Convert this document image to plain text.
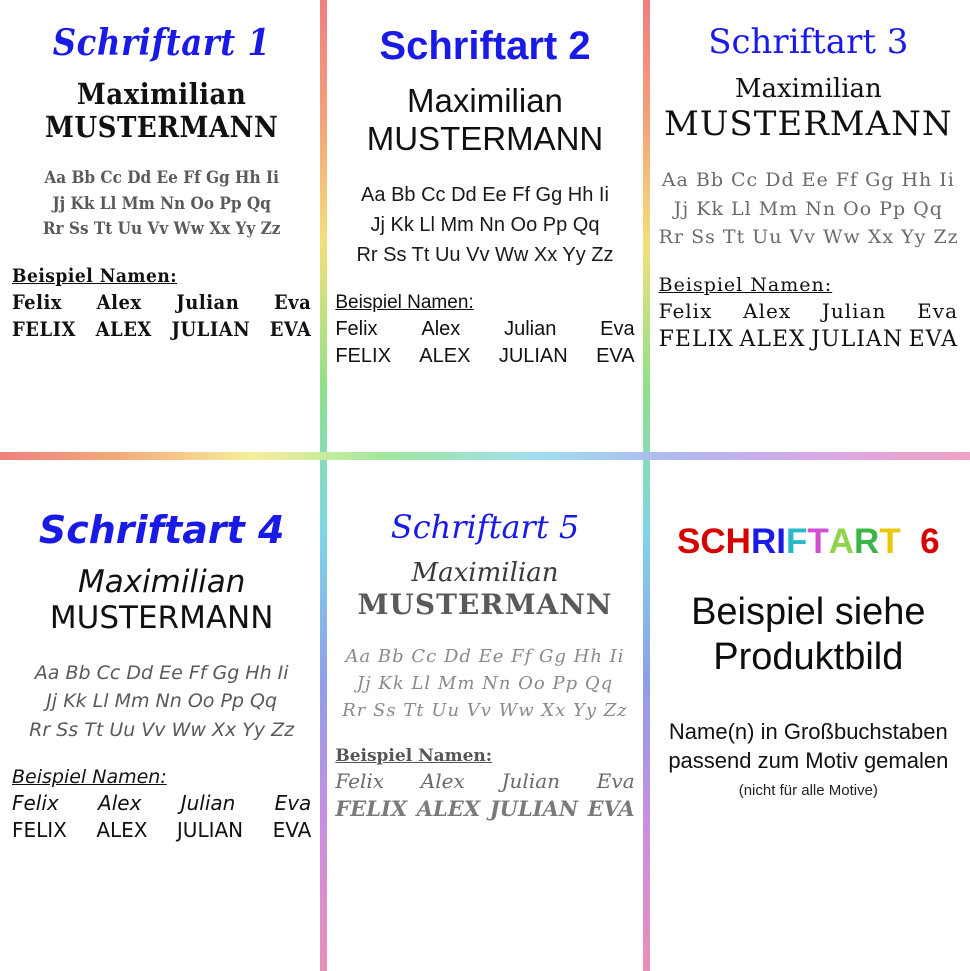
Schriftart 1
Maximilian
MUSTERMANN
Aa Bb Cc Dd Ee Ff Gg Hh Ii
Jj Kk Ll Mm Nn Oo Pp Qq
Rr Ss Tt Uu Vv Ww Xx Yy Zz
Beispiel Namen:
Felix Alex Julian Eva
FELIX ALEX JULIAN EVA
Schriftart 2
Maximilian
MUSTERMANN
Aa Bb Cc Dd Ee Ff Gg Hh Ii
Jj Kk Ll Mm Nn Oo Pp Qq
Rr Ss Tt Uu Vv Ww Xx Yy Zz
Beispiel Namen:
Felix Alex Julian Eva
FELIX ALEX JULIAN EVA
Schriftart 3
Maximilian
MUSTERMANN
Aa Bb Cc Dd Ee Ff Gg Hh Ii
Jj Kk Ll Mm Nn Oo Pp Qq
Rr Ss Tt Uu Vv Ww Xx Yy Zz
Beispiel Namen:
Felix Alex Julian Eva
FELIX ALEX JULIAN EVA
Schriftart 4
Maximilian
MUSTERMANN
Aa Bb Cc Dd Ee Ff Gg Hh Ii
Jj Kk Ll Mm Nn Oo Pp Qq
Rr Ss Tt Uu Vv Ww Xx Yy Zz
Beispiel Namen:
Felix Alex Julian Eva
FELIX ALEX JULIAN EVA
Schriftart 5
Maximilian
MUSTERMANN
Aa Bb Cc Dd Ee Ff Gg Hh Ii
Jj Kk Ll Mm Nn Oo Pp Qq
Rr Ss Tt Uu Vv Ww Xx Yy Zz
Beispiel Namen:
Felix Alex Julian Eva
FELIX ALEX JULIAN EVA
SCHRIFTART 6
Beispiel siehe
Produktbild
Name(n) in Großbuchstaben
passend zum Motiv gemalen
(nicht für alle Motive)
